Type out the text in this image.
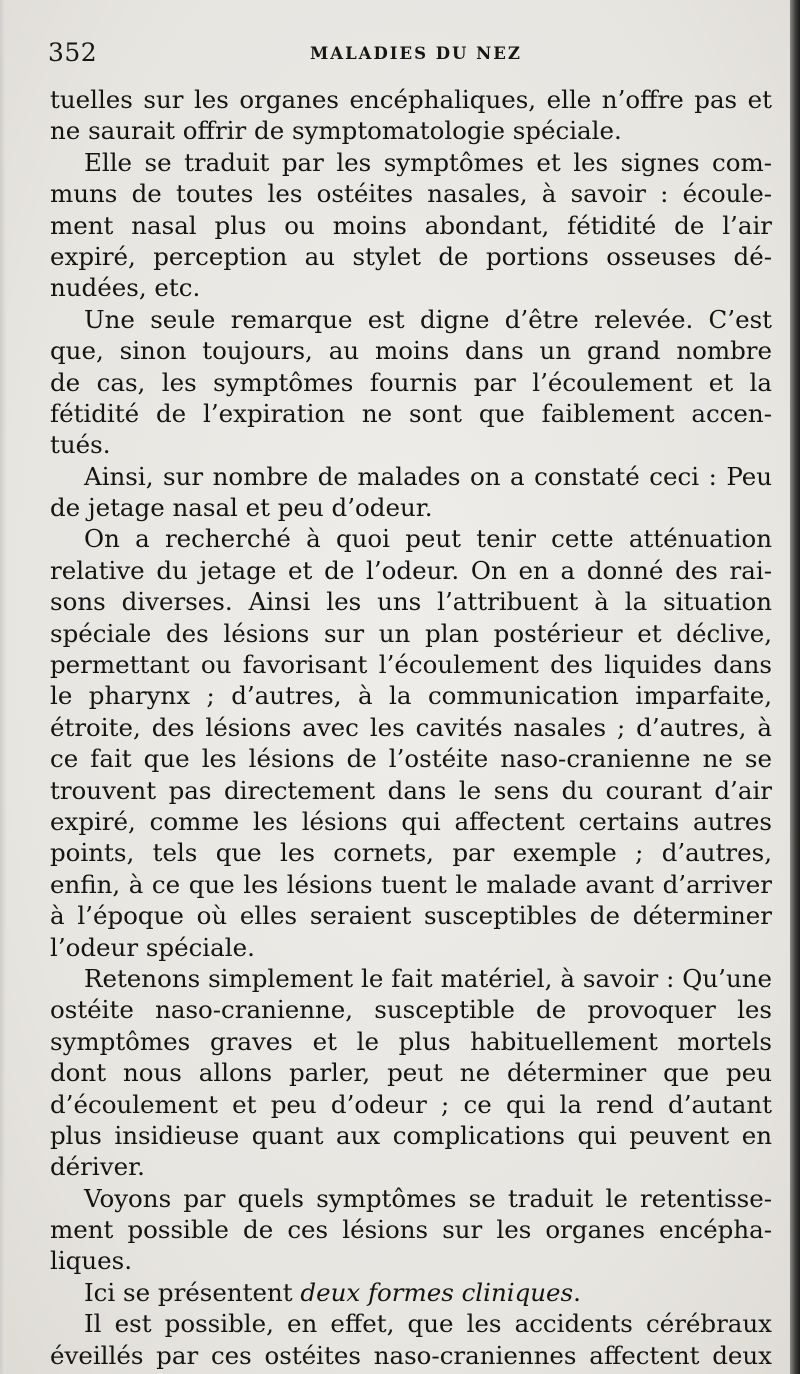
352	MALADIES DU NEZ
tuelles sur les organes encéphaliques, elle n’offre pas et
ne saurait offrir de symptomatologie spéciale.
Elle se traduit par les symptômes et les signes com-
muns de toutes les ostéites nasales, à savoir : écoule-
ment nasal plus ou moins abondant, fétidité de l’air
expiré, perception au stylet de portions osseuses dé-
nudées, etc.
Une seule remarque est digne d’être relevée. C’est
que, sinon toujours, au moins dans un grand nombre
de cas, les symptômes fournis par l’écoulement et la
fétidité de l’expiration ne sont que faiblement accen-
tués.
Ainsi, sur nombre de malades on a constaté ceci : Peu
de jetage nasal et peu d’odeur.
On a recherché à quoi peut tenir cette atténuation
relative du jetage et de l’odeur. On en a donné des rai-
sons diverses. Ainsi les uns l’attribuent à la situation
spéciale des lésions sur un plan postérieur et déclive,
permettant ou favorisant l’écoulement des liquides dans
le pharynx ; d’autres, à la communication imparfaite,
étroite, des lésions avec les cavités nasales ; d’autres, à
ce fait que les lésions de l’ostéite naso-cranienne ne se
trouvent pas directement dans le sens du courant d’air
expiré, comme les lésions qui affectent certains autres
points, tels que les cornets, par exemple ; d’autres,
enfin, à ce que les lésions tuent le malade avant d’arriver
à l’époque où elles seraient susceptibles de déterminer
l’odeur spéciale.
Retenons simplement le fait matériel, à savoir : Qu’une
ostéite naso-cranienne, susceptible de provoquer les
symptômes graves et le plus habituellement mortels
dont nous allons parler, peut ne déterminer que peu
d’écoulement et peu d’odeur ; ce qui la rend d’autant
plus insidieuse quant aux complications qui peuvent en
dériver.
Voyons par quels symptômes se traduit le retentisse-
ment possible de ces lésions sur les organes encépha-
liques.
Ici se présentent deux formes cliniques.
Il est possible, en effet, que les accidents cérébraux
éveillés par ces ostéites naso-craniennes affectent deux
